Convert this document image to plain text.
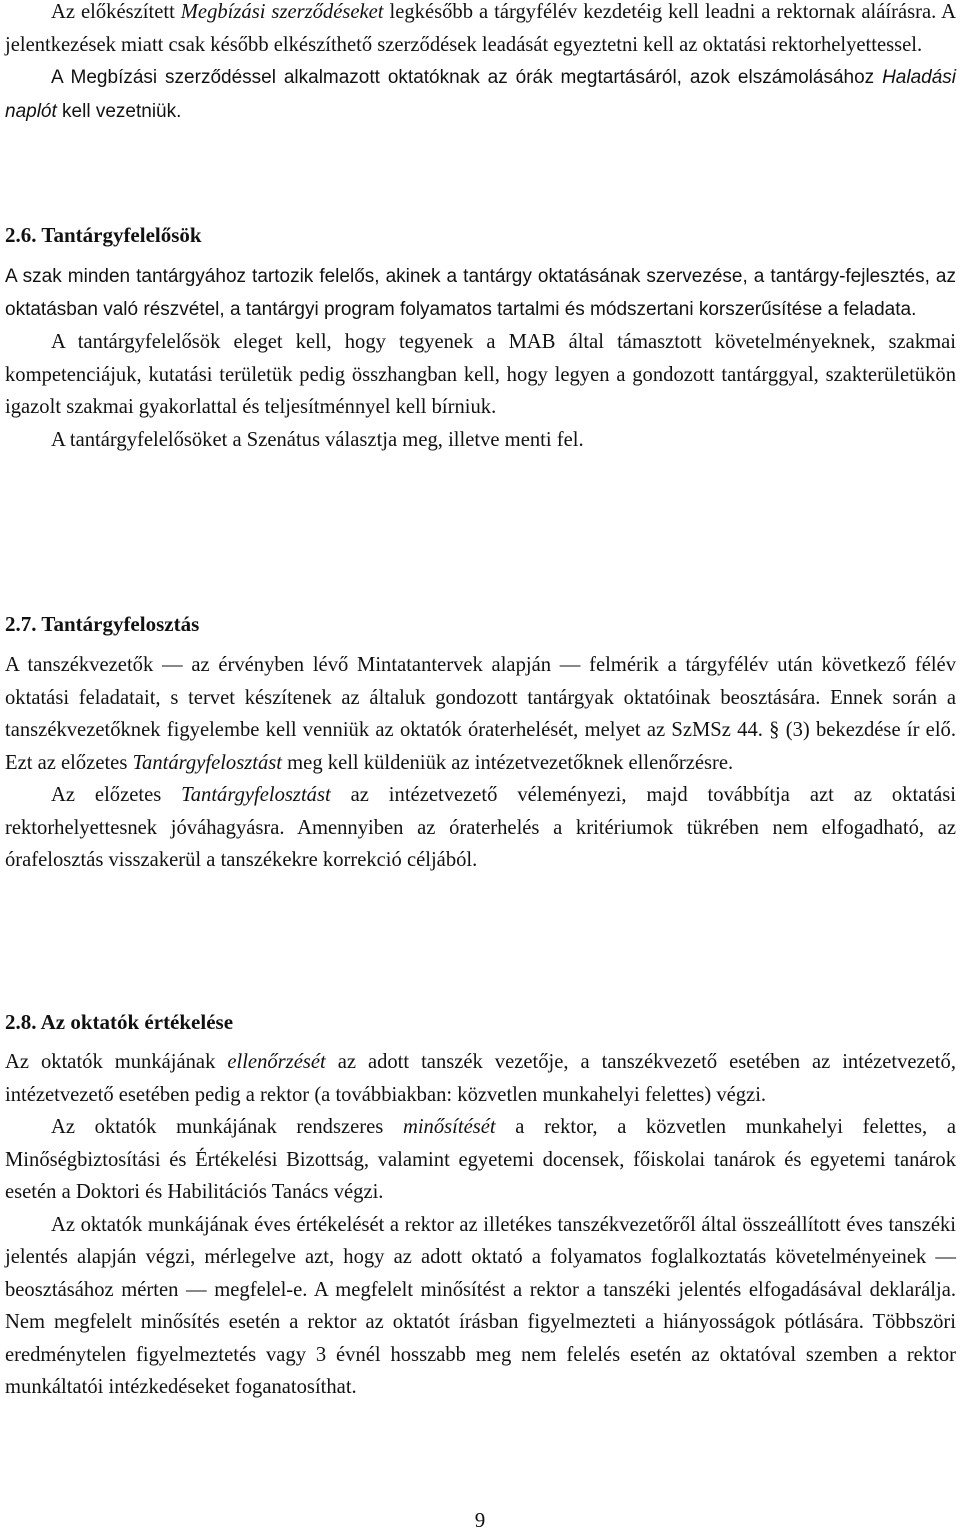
Az előkészített Megbízási szerződéseket legkésőbb a tárgyfélév kezdetéig kell leadni a rektornak aláírásra. A jelentkezések miatt csak később elkészíthető szerződések leadását egyeztetni kell az oktatási rektorhelyettessel.

A Megbízási szerződéssel alkalmazott oktatóknak az órák megtartásáról, azok elszámolásához Haladási naplót kell vezetniük.

2.6. Tantárgyfelelősök

A szak minden tantárgyához tartozik felelős, akinek a tantárgy oktatásának szervezése, a tantárgy-fejlesztés, az oktatásban való részvétel, a tantárgyi program folyamatos tartalmi és módszertani korszerűsítése a feladata.

A tantárgyfelelősök eleget kell, hogy tegyenek a MAB által támasztott követelményeknek, szakmai kompetenciájuk, kutatási területük pedig összhangban kell, hogy legyen a gondozott tantárggyal, szakterületükön igazolt szakmai gyakorlattal és teljesítménnyel kell bírniuk.

A tantárgyfelelősöket a Szenátus választja meg, illetve menti fel.

2.7. Tantárgyfelosztás

A tanszékvezetők ― az érvényben lévő Mintatantervek alapján ― felmérik a tárgyfélév után következő félév oktatási feladatait, s tervet készítenek az általuk gondozott tantárgyak oktatóinak beosztására. Ennek során a tanszékvezetőknek figyelembe kell venniük az oktatók óraterhelését, melyet az SzMSz 44. § (3) bekezdése ír elő. Ezt az előzetes Tantárgyfelosztást meg kell küldeniük az intézetvezetőknek ellenőrzésre.

Az előzetes Tantárgyfelosztást az intézetvezető véleményezi, majd továbbítja azt az oktatási rektorhelyettesnek jóváhagyásra. Amennyiben az óraterhelés a kritériumok tükrében nem elfogadható, az órafelosztás visszakerül a tanszékekre korrekció céljából.

2.8. Az oktatók értékelése

Az oktatók munkájának ellenőrzését az adott tanszék vezetője, a tanszékvezető esetében az intézetvezető, intézetvezető esetében pedig a rektor (a továbbiakban: közvetlen munkahelyi felettes) végzi.

Az oktatók munkájának rendszeres minősítését a rektor, a közvetlen munkahelyi felettes, a Minőségbiztosítási és Értékelési Bizottság, valamint egyetemi docensek, főiskolai tanárok és egyetemi tanárok esetén a Doktori és Habilitációs Tanács végzi.

Az oktatók munkájának éves értékelését a rektor az illetékes tanszékvezetőről által összeállított éves tanszéki jelentés alapján végzi, mérlegelve azt, hogy az adott oktató a folyamatos foglalkoztatás követelményeinek ― beosztásához mérten ― megfelel-e. A megfelelt minősítést a rektor a tanszéki jelentés elfogadásával deklarálja. Nem megfelelt minősítés esetén a rektor az oktatót írásban figyelmezteti a hiányosságok pótlására. Többszöri eredménytelen figyelmeztetés vagy 3 évnél hosszabb meg nem felelés esetén az oktatóval szemben a rektor munkáltatói intézkedéseket foganatosíthat.

9
